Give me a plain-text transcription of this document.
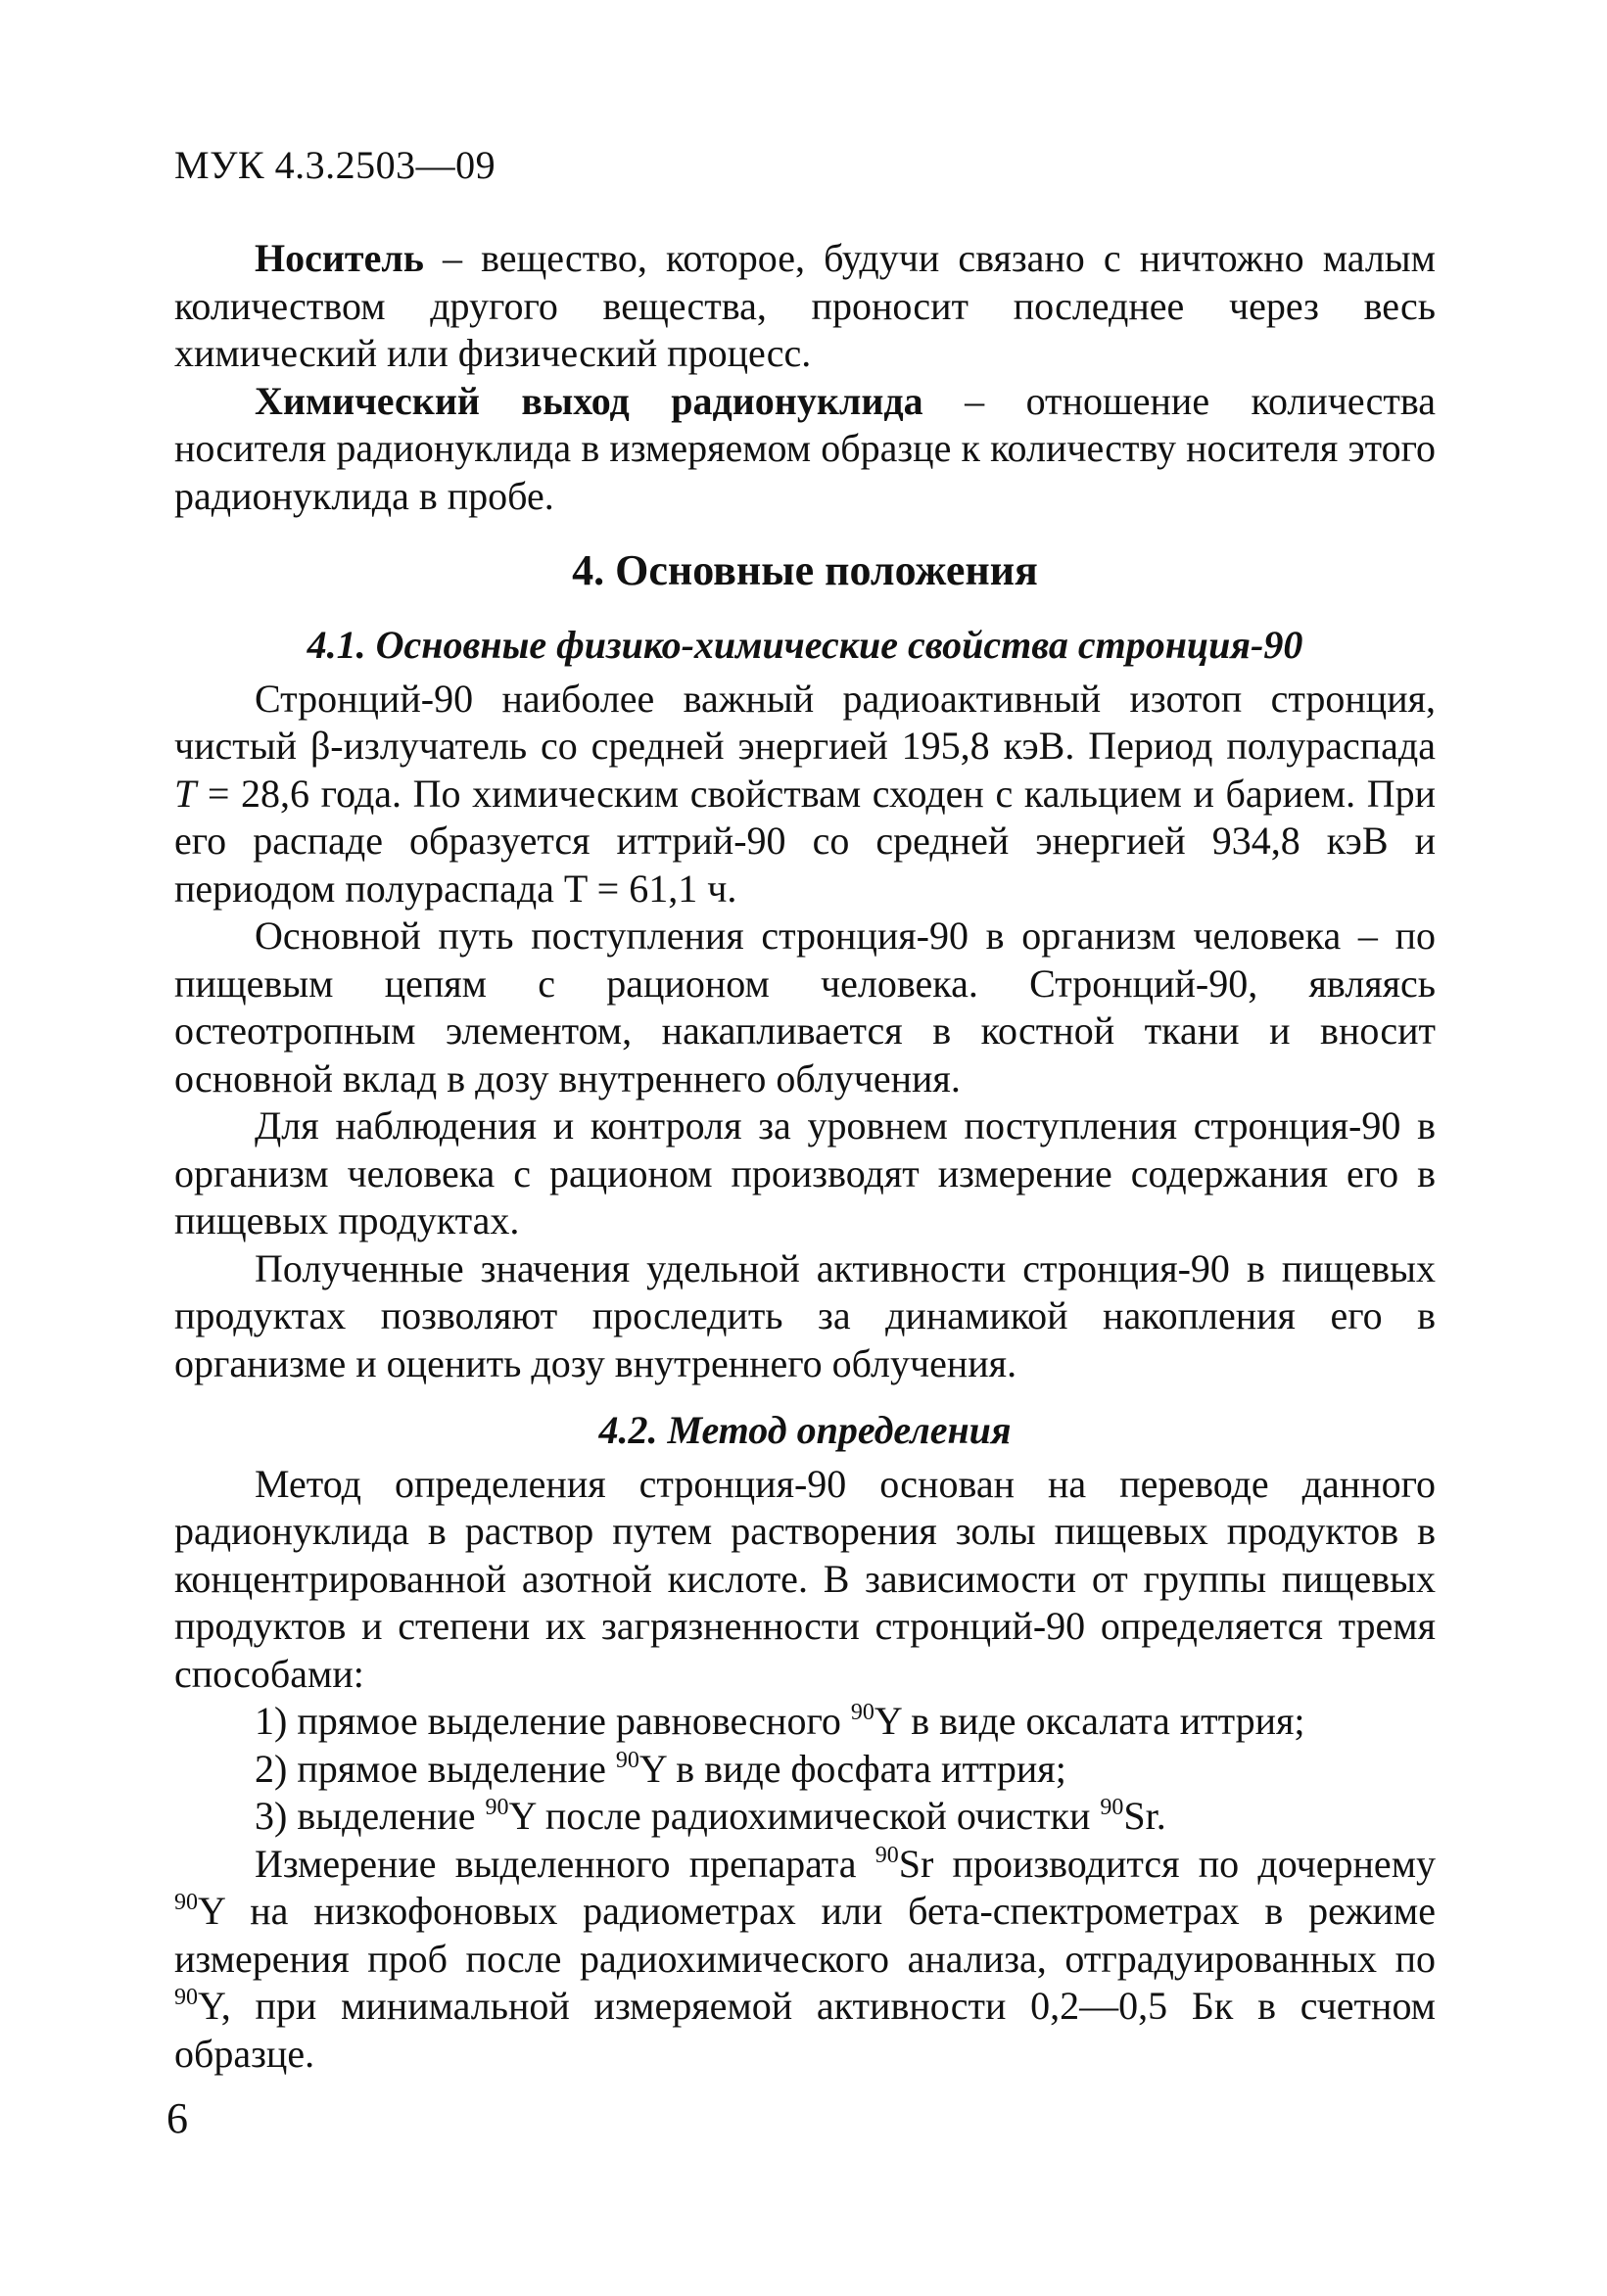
МУК 4.3.2503—09

Носитель – вещество, которое, будучи связано с ничтожно малым количеством другого вещества, проносит последнее через весь химический или физический процесс.

Химический выход радионуклида – отношение количества носителя радионуклида в измеряемом образце к количеству носителя этого радионуклида в пробе.

4. Основные положения
4.1. Основные физико-химические свойства стронция-90

Стронций-90 наиболее важный радиоактивный изотоп стронция, чистый β-излучатель со средней энергией 195,8 кэВ. Период полураспада T = 28,6 года. По химическим свойствам сходен с кальцием и барием. При его распаде образуется иттрий-90 со средней энергией 934,8 кэВ и периодом полураспада T = 61,1 ч.

Основной путь поступления стронция-90 в организм человека – по пищевым цепям с рационом человека. Стронций-90, являясь остеотропным элементом, накапливается в костной ткани и вносит основной вклад в дозу внутреннего облучения.

Для наблюдения и контроля за уровнем поступления стронция-90 в организм человека с рационом производят измерение содержания его в пищевых продуктах.

Полученные значения удельной активности стронция-90 в пищевых продуктах позволяют проследить за динамикой накопления его в организме и оценить дозу внутреннего облучения.

4.2. Метод определения

Метод определения стронция-90 основан на переводе данного радионуклида в раствор путем растворения золы пищевых продуктов в концентрированной азотной кислоте. В зависимости от группы пищевых продуктов и степени их загрязненности стронций-90 определяется тремя способами:

1) прямое выделение равновесного $^{90}$Y в виде оксалата иттрия;

2) прямое выделение $^{90}$Y в виде фосфата иттрия;

3) выделение $^{90}$Y после радиохимической очистки $^{90}$Sr.

Измерение выделенного препарата $^{90}$Sr производится по дочернему $^{90}$Y на низкофоновых радиометрах или бета-спектрометрах в режиме измерения проб после радиохимического анализа, отградуированных по $^{90}$Y, при минимальной измеряемой активности 0,2—0,5 Бк в счетном образце.

6
